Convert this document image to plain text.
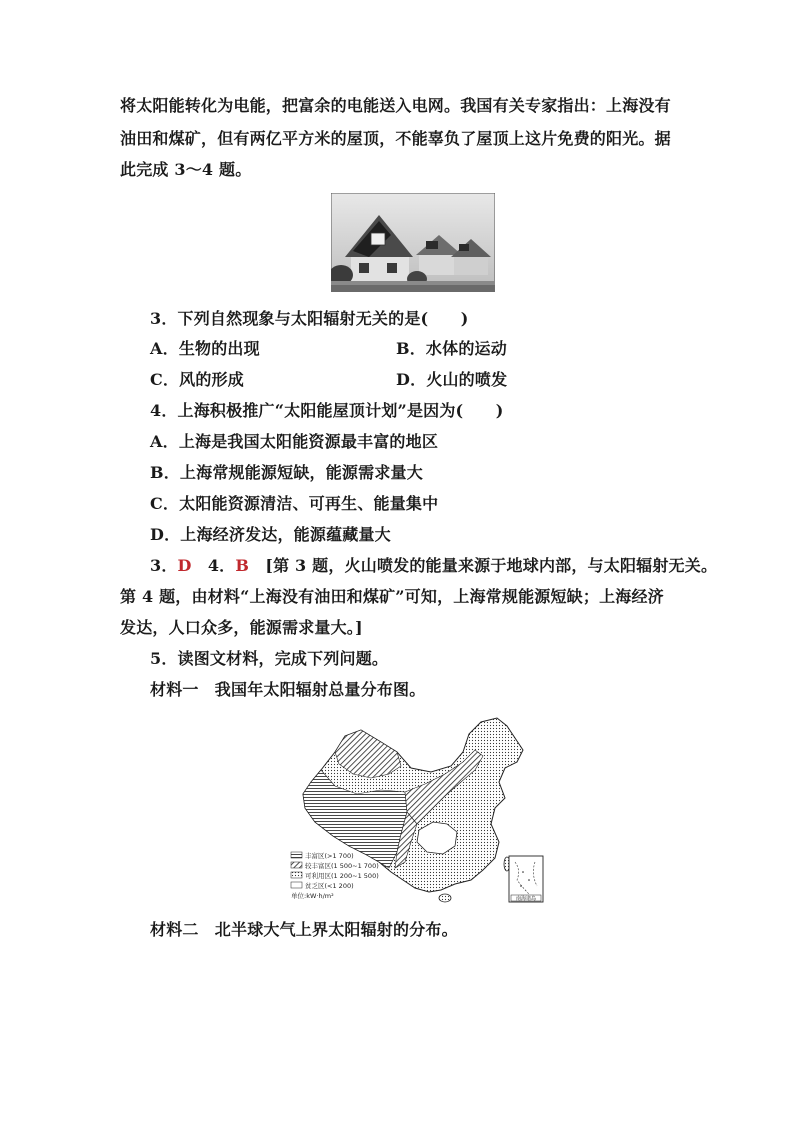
将太阳能转化为电能，把富余的电能送入电网。我国有关专家指出：上海没有
油田和煤矿，但有两亿平方米的屋顶，不能辜负了屋顶上这片免费的阳光。据
此完成 3～4 题。
3．下列自然现象与太阳辐射无关的是(　　)
A．生物的出现	B．水体的运动
C．风的形成	D．火山的喷发
4．上海积极推广“太阳能屋顶计划”是因为(　　)
A．上海是我国太阳能资源最丰富的地区
B．上海常规能源短缺，能源需求量大
C．太阳能资源清洁、可再生、能量集中
D．上海经济发达，能源蕴藏量大
3．D　 4．B　 [第 3 题，火山喷发的能量来源于地球内部，与太阳辐射无关。
第 4 题，由材料“上海没有油田和煤矿”可知，上海常规能源短缺；上海经济
发达，人口众多，能源需求量大。]
5．读图文材料，完成下列问题。
材料一　我国年太阳辐射总量分布图。
南海诸岛
丰富区(>1 700)
较丰富区(1 500~1 700)
可利用区(1 200~1 500)
贫乏区(<1 200)
单位:kW·h/m²
材料二　北半球大气上界太阳辐射的分布。
